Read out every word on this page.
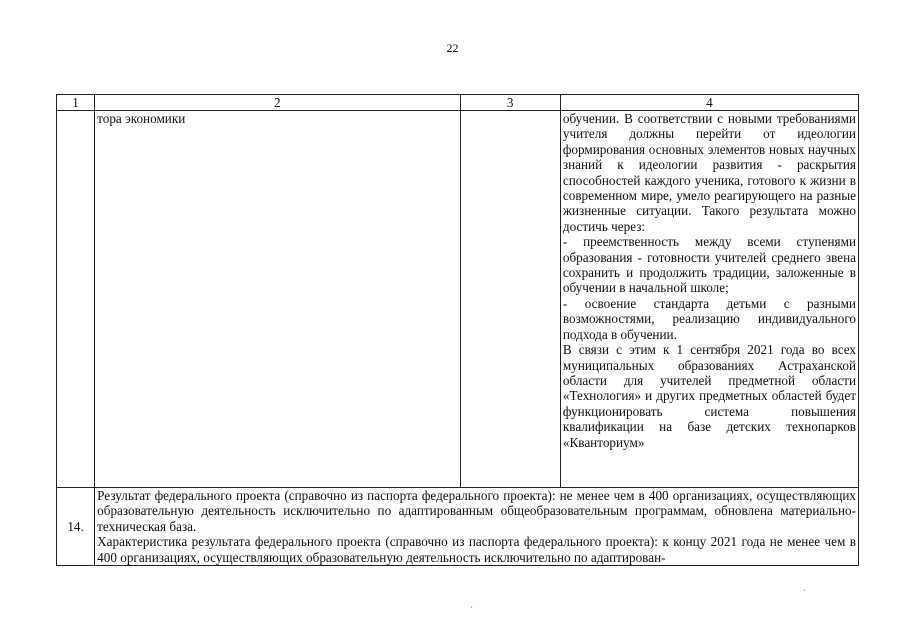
22
1	2	3	4
	тора экономики		обучении. В соответствии с новыми требованиями учителя должны перейти от идеологии формирования основных элементов новых научных знаний к идеологии развития - раскрытия способностей каждого ученика, готового к жизни в современном мире, умело реагирующего на разные жизненные ситуации. Такого результата можно достичь через:

- преемственность между всеми ступенями образования - готовности учителей среднего звена сохранить и продолжить традиции, заложенные в обучении в начальной школе;

- освоение стандарта детьми с разными возможностями, реализацию индивидуального подхода в обучении.

В связи с этим к 1 сентября 2021 года во всех муниципальных образованиях Астраханской области для учителей предметной области «Технология» и других предметных областей будет функционировать система повышения квалификации на базе детских технопарков «Кванториум»

14.	Результат федерального проекта (справочно из паспорта федерального проекта): не менее чем в 400 организациях, осуществляющих образовательную деятельность исключительно по адаптированным общеобразовательным программам, обновлена материально-техническая база.

Характеристика результата федерального проекта (справочно из паспорта федерального проекта): к концу 2021 года не менее чем в 400 организациях, осуществляющих образовательную деятельность исключительно по адаптирован-		

ˎ
ˈ
